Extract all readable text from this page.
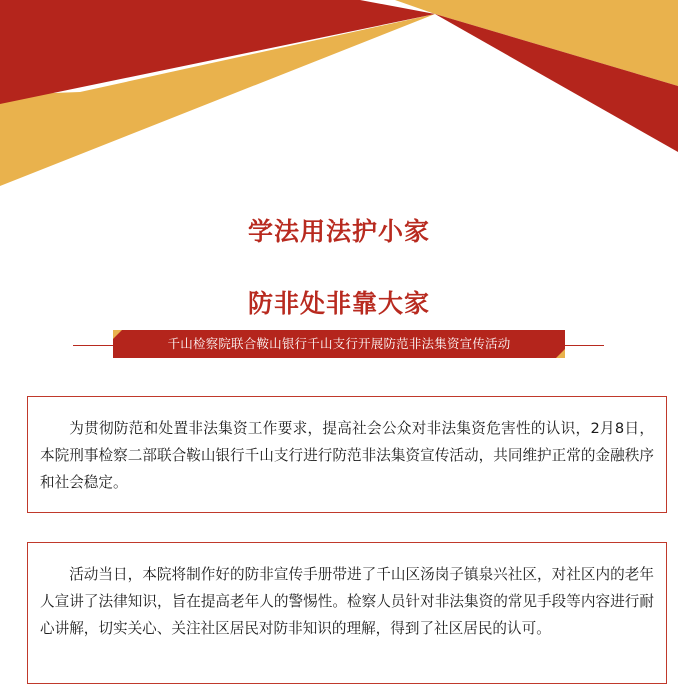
学法用法护小家
防非处非靠大家
千山检察院联合鞍山银行千山支行开展防范非法集资宣传活动

为贯彻防范和处置非法集资工作要求，提高社会公众对非法集资危害性的认识，2月8日，本院刑事检察二部联合鞍山银行千山支行进行防范非法集资宣传活动，共同维护正常的金融秩序和社会稳定。

活动当日，本院将制作好的防非宣传手册带进了千山区汤岗子镇泉兴社区，对社区内的老年人宣讲了法律知识，旨在提高老年人的警惕性。检察人员针对非法集资的常见手段等内容进行耐心讲解，切实关心、关注社区居民对防非知识的理解，得到了社区居民的认可。
